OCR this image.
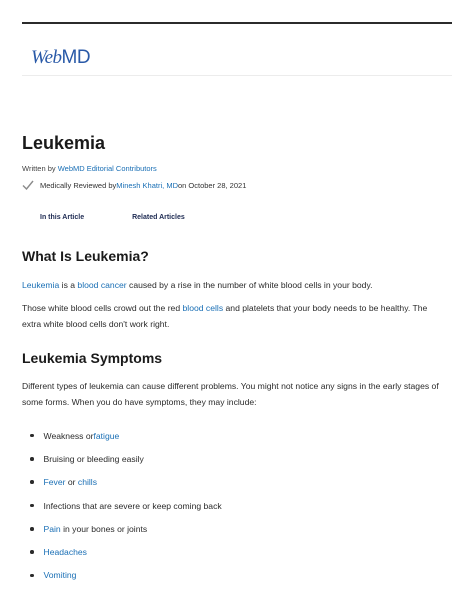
Web MD
Leukemia
Written by WebMD Editorial Contributors
Medically Reviewed by Minesh Khatri, MD on October 28, 2021
In this Article	Related Articles
What Is Leukemia?

Leukemia is a blood cancer caused by a rise in the number of white blood cells in your body.

Those white blood cells crowd out the red blood cells and platelets that your body needs to be healthy. The extra white blood cells don't work right.

Leukemia Symptoms

Different types of leukemia can cause different problems. You might not notice any signs in the early stages of some forms. When you do have symptoms, they may include:

Weakness or fatigue
Bruising or bleeding easily
Fever or chills
Infections that are severe or keep coming back
Pain in your bones or joints
Headaches
Vomiting
